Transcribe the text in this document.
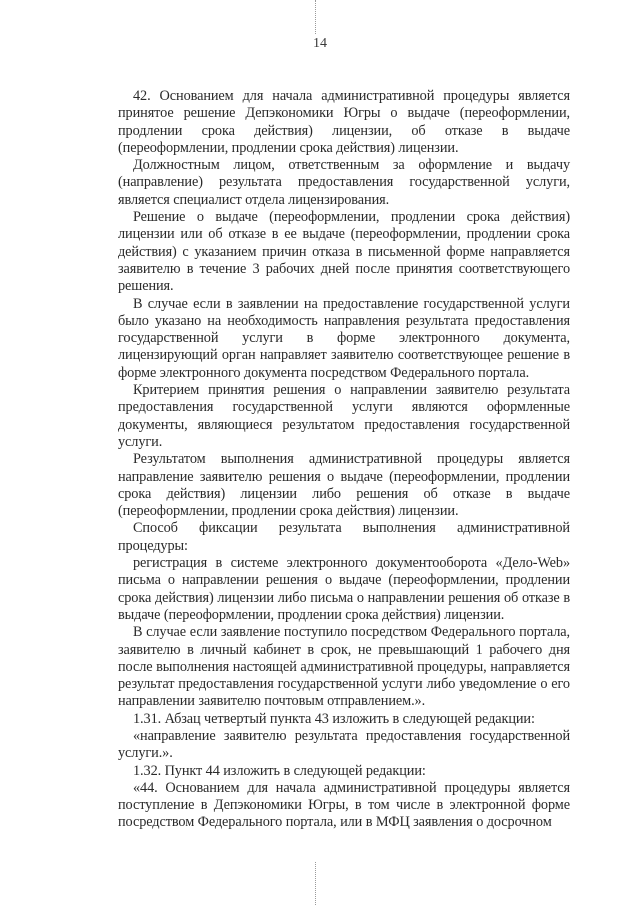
14

42. Основанием для начала административной процедуры является принятое решение Депэкономики Югры о выдаче (переоформлении, продлении срока действия) лицензии, об отказе в выдаче (переоформлении, продлении срока действия) лицензии.

Должностным лицом, ответственным за оформление и выдачу (направление) результата предоставления государственной услуги, является специалист отдела лицензирования.

Решение о выдаче (переоформлении, продлении срока действия) лицензии или об отказе в ее выдаче (переоформлении, продлении срока действия) с указанием причин отказа в письменной форме направляется заявителю в течение 3 рабочих дней после принятия соответствующего решения.

В случае если в заявлении на предоставление государственной услуги было указано на необходимость направления результата предоставления государственной услуги в форме электронного документа, лицензирующий орган направляет заявителю соответствующее решение в форме электронного документа посредством Федерального портала.

Критерием принятия решения о направлении заявителю результата предоставления государственной услуги являются оформленные документы, являющиеся результатом предоставления государственной услуги.

Результатом выполнения административной процедуры является направление заявителю решения о выдаче (переоформлении, продлении срока действия) лицензии либо решения об отказе в выдаче (переоформлении, продлении срока действия) лицензии.

Способ фиксации результата выполнения административной процедуры:

регистрация в системе электронного документооборота «Дело-Web» письма о направлении решения о выдаче (переоформлении, продлении срока действия) лицензии либо письма о направлении решения об отказе в выдаче (переоформлении, продлении срока действия) лицензии.

В случае если заявление поступило посредством Федерального портала, заявителю в личный кабинет в срок, не превышающий 1 рабочего дня после выполнения настоящей административной процедуры, направляется результат предоставления государственной услуги либо уведомление о его направлении заявителю почтовым отправлением.».

1.31. Абзац четвертый пункта 43 изложить в следующей редакции:

«направление заявителю результата предоставления государственной услуги.».

1.32. Пункт 44 изложить в следующей редакции:

«44. Основанием для начала административной процедуры является поступление в Депэкономики Югры, в том числе в электронной форме посредством Федерального портала, или в МФЦ заявления о досрочном
